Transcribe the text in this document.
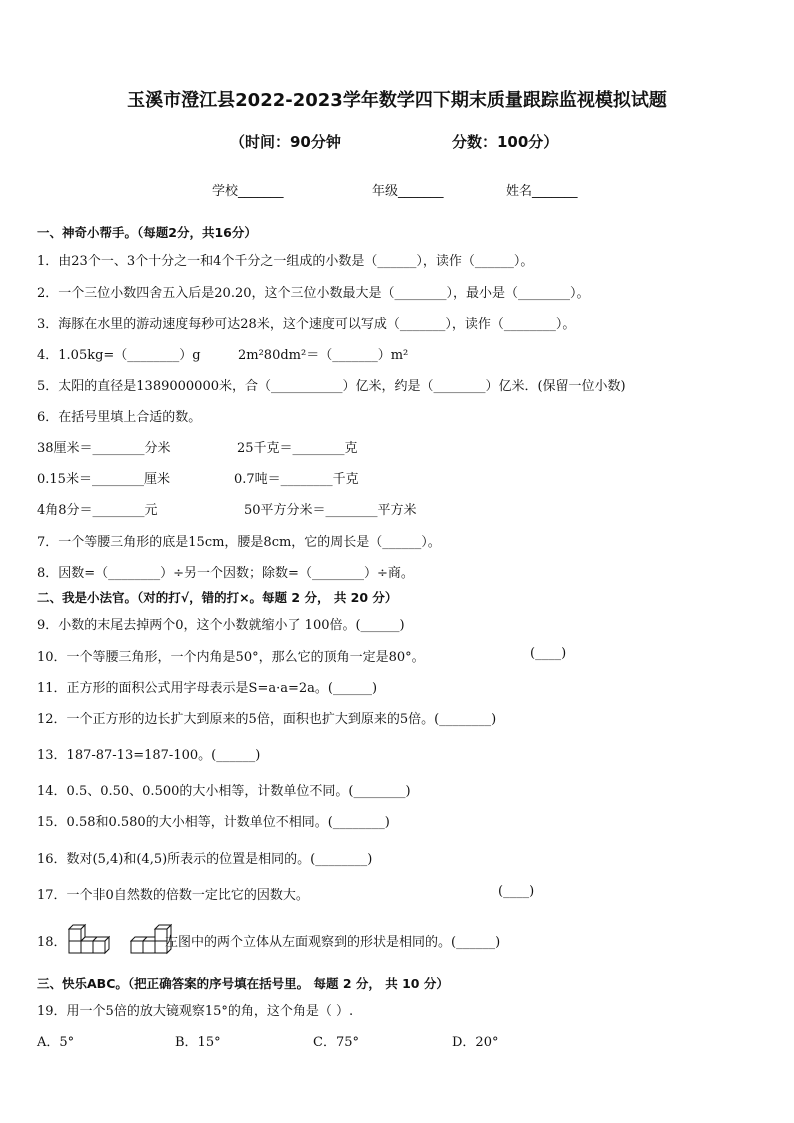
玉溪市澄江县2022-2023学年数学四下期末质量跟踪监视模拟试题
（时间：90分钟	分数：100分）
学校_______	年级_______	姓名_______
一、神奇小帮手。（每题2分，共16分）
1．由23个一、3个十分之一和4个千分之一组成的小数是（______），读作（______）。
2．一个三位小数四舍五入后是20.20，这个三位小数最大是（________），最小是（________）。
3．海豚在水里的游动速度每秒可达28米，这个速度可以写成（_______），读作（________）。
4．1.05kg=（________）g	2m²80dm²＝（_______）m²
5．太阳的直径是1389000000米，合（___________）亿米，约是（________）亿米．(保留一位小数)
6．在括号里填上合适的数。
38厘米＝________分米	25千克＝________克
0.15米＝________厘米	0.7吨＝________千克
4角8分＝________元	50平方分米＝________平方米
7．一个等腰三角形的底是15cm，腰是8cm，它的周长是（______）。
8．因数=（________）÷另一个因数；除数=（________）÷商。
二、我是小法官。（对的打√，错的打×。每题 2 分， 共 20 分）
9．小数的末尾去掉两个0，这个小数就缩小了 100倍。(______)
10．一个等腰三角形，一个内角是50°，那么它的顶角一定是80°。	(____)
11．正方形的面积公式用字母表示是S=a·a=2a。(______)
12．一个正方形的边长扩大到原来的5倍，面积也扩大到原来的5倍。(________)
13．187-87-13=187-100。(______)
14．0.5、0.50、0.500的大小相等，计数单位不同。(________)
15．0.58和0.580的大小相等，计数单位不相同。(________)
16．数对(5,4)和(4,5)所表示的位置是相同的。(________)
17．一个非0自然数的倍数一定比它的因数大。	(____)
18．	左图中的两个立体从左面观察到的形状是相同的。(______)
三、快乐ABC。（把正确答案的序号填在括号里。 每题 2 分， 共 10 分）
19．用一个5倍的放大镜观察15°的角，这个角是（ ）.
A．5°	B．15°	C．75°	D．20°
